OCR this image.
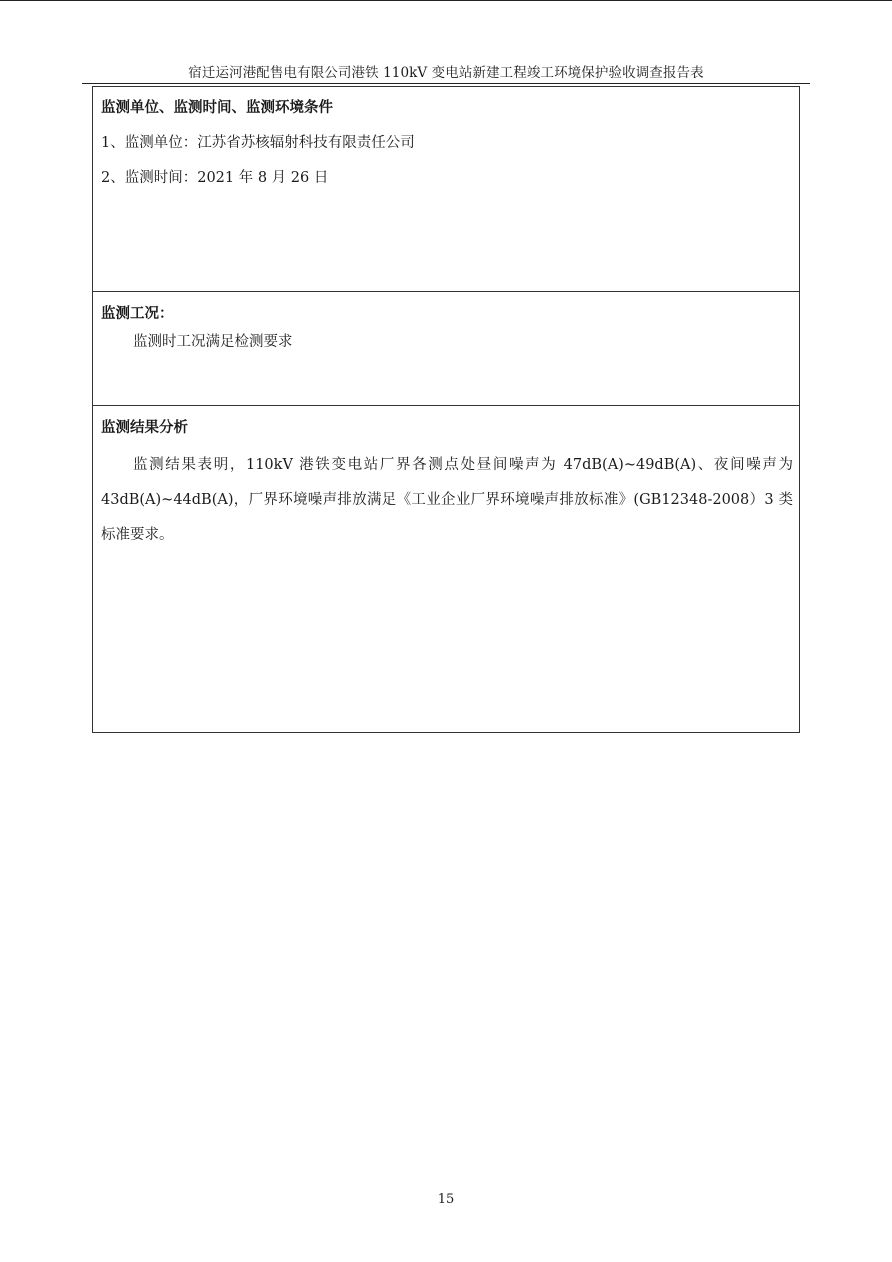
宿迁运河港配售电有限公司港铁 110kV 变电站新建工程竣工环境保护验收调查报告表
监测单位、监测时间、监测环境条件
1、监测单位：江苏省苏核辐射科技有限责任公司
2、监测时间：2021 年 8 月 26 日
监测工况：
监测时工况满足检测要求
监测结果分析
监测结果表明，110kV 港铁变电站厂界各测点处昼间噪声为 47dB(A)~49dB(A)、夜间噪声为 43dB(A)~44dB(A)，厂界环境噪声排放满足《工业企业厂界环境噪声排放标准》(GB12348-2008）3 类标准要求。
15
